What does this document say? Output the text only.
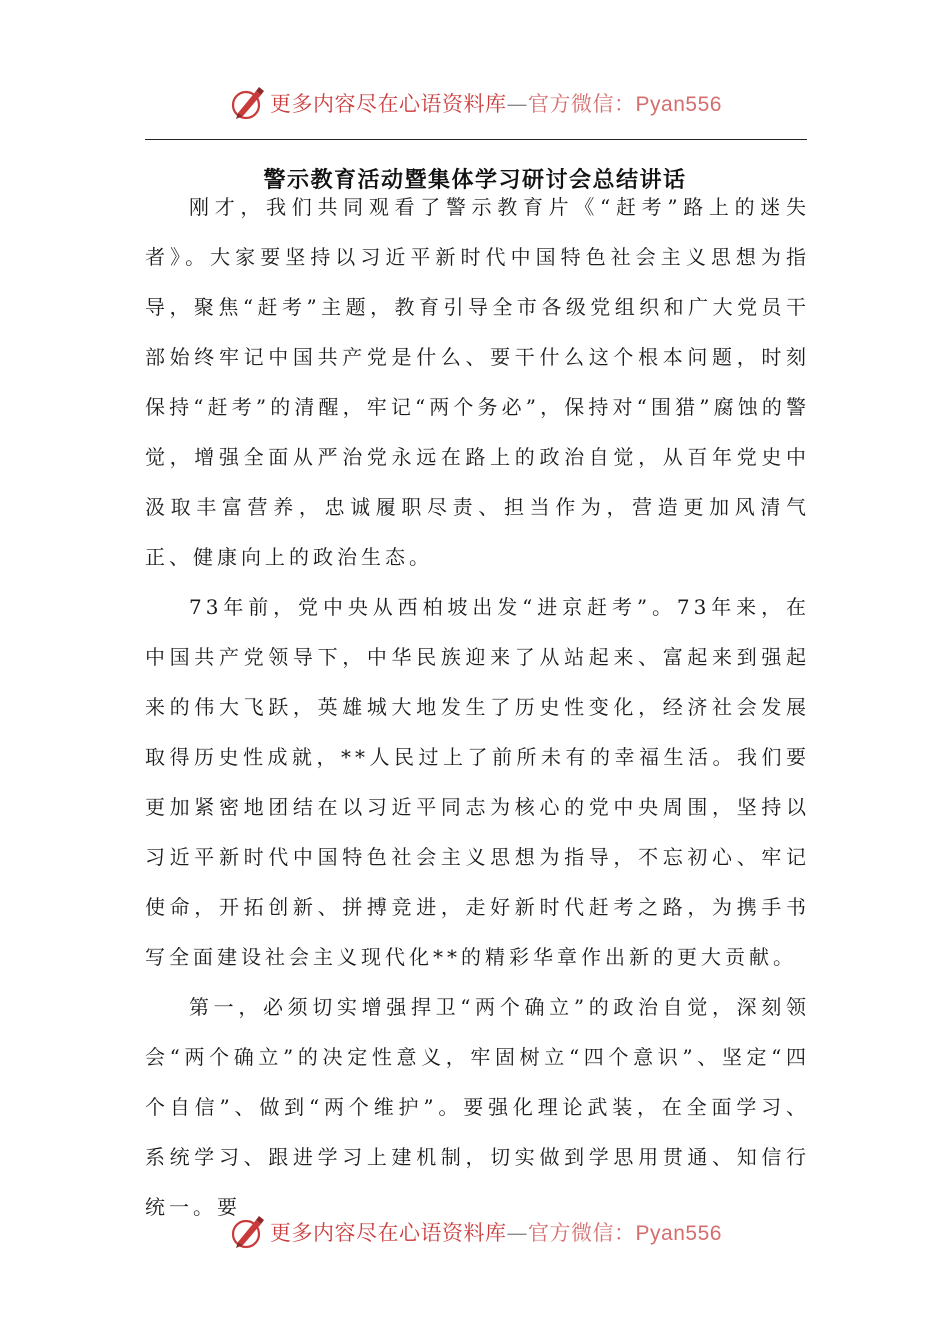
更多内容尽在心语资料库—官方微信：Pyan556
警示教育活动暨集体学习研讨会总结讲话

刚才，我们共同观看了警示教育片《“赶考”路上的迷失者》。大家要坚持以习近平新时代中国特色社会主义思想为指导，聚焦“赶考”主题，教育引导全市各级党组织和广大党员干部始终牢记中国共产党是什么、要干什么这个根本问题，时刻保持“赶考”的清醒，牢记“两个务必”，保持对“围猎”腐蚀的警觉，增强全面从严治党永远在路上的政治自觉，从百年党史中汲取丰富营养，忠诚履职尽责、担当作为，营造更加风清气正、健康向上的政治生态。

73年前，党中央从西柏坡出发“进京赶考”。73年来，在中国共产党领导下，中华民族迎来了从站起来、富起来到强起来的伟大飞跃，英雄城大地发生了历史性变化，经济社会发展取得历史性成就，**人民过上了前所未有的幸福生活。我们要更加紧密地团结在以习近平同志为核心的党中央周围，坚持以习近平新时代中国特色社会主义思想为指导，不忘初心、牢记使命，开拓创新、拼搏竞进，走好新时代赶考之路，为携手书写全面建设社会主义现代化**的精彩华章作出新的更大贡献。

第一，必须切实增强捍卫“两个确立”的政治自觉，深刻领会“两个确立”的决定性意义，牢固树立“四个意识”、坚定“四个自信”、做到“两个维护”。要强化理论武装，在全面学习、系统学习、跟进学习上建机制，切实做到学思用贯通、知信行统一。要

更多内容尽在心语资料库—官方微信：Pyan556
